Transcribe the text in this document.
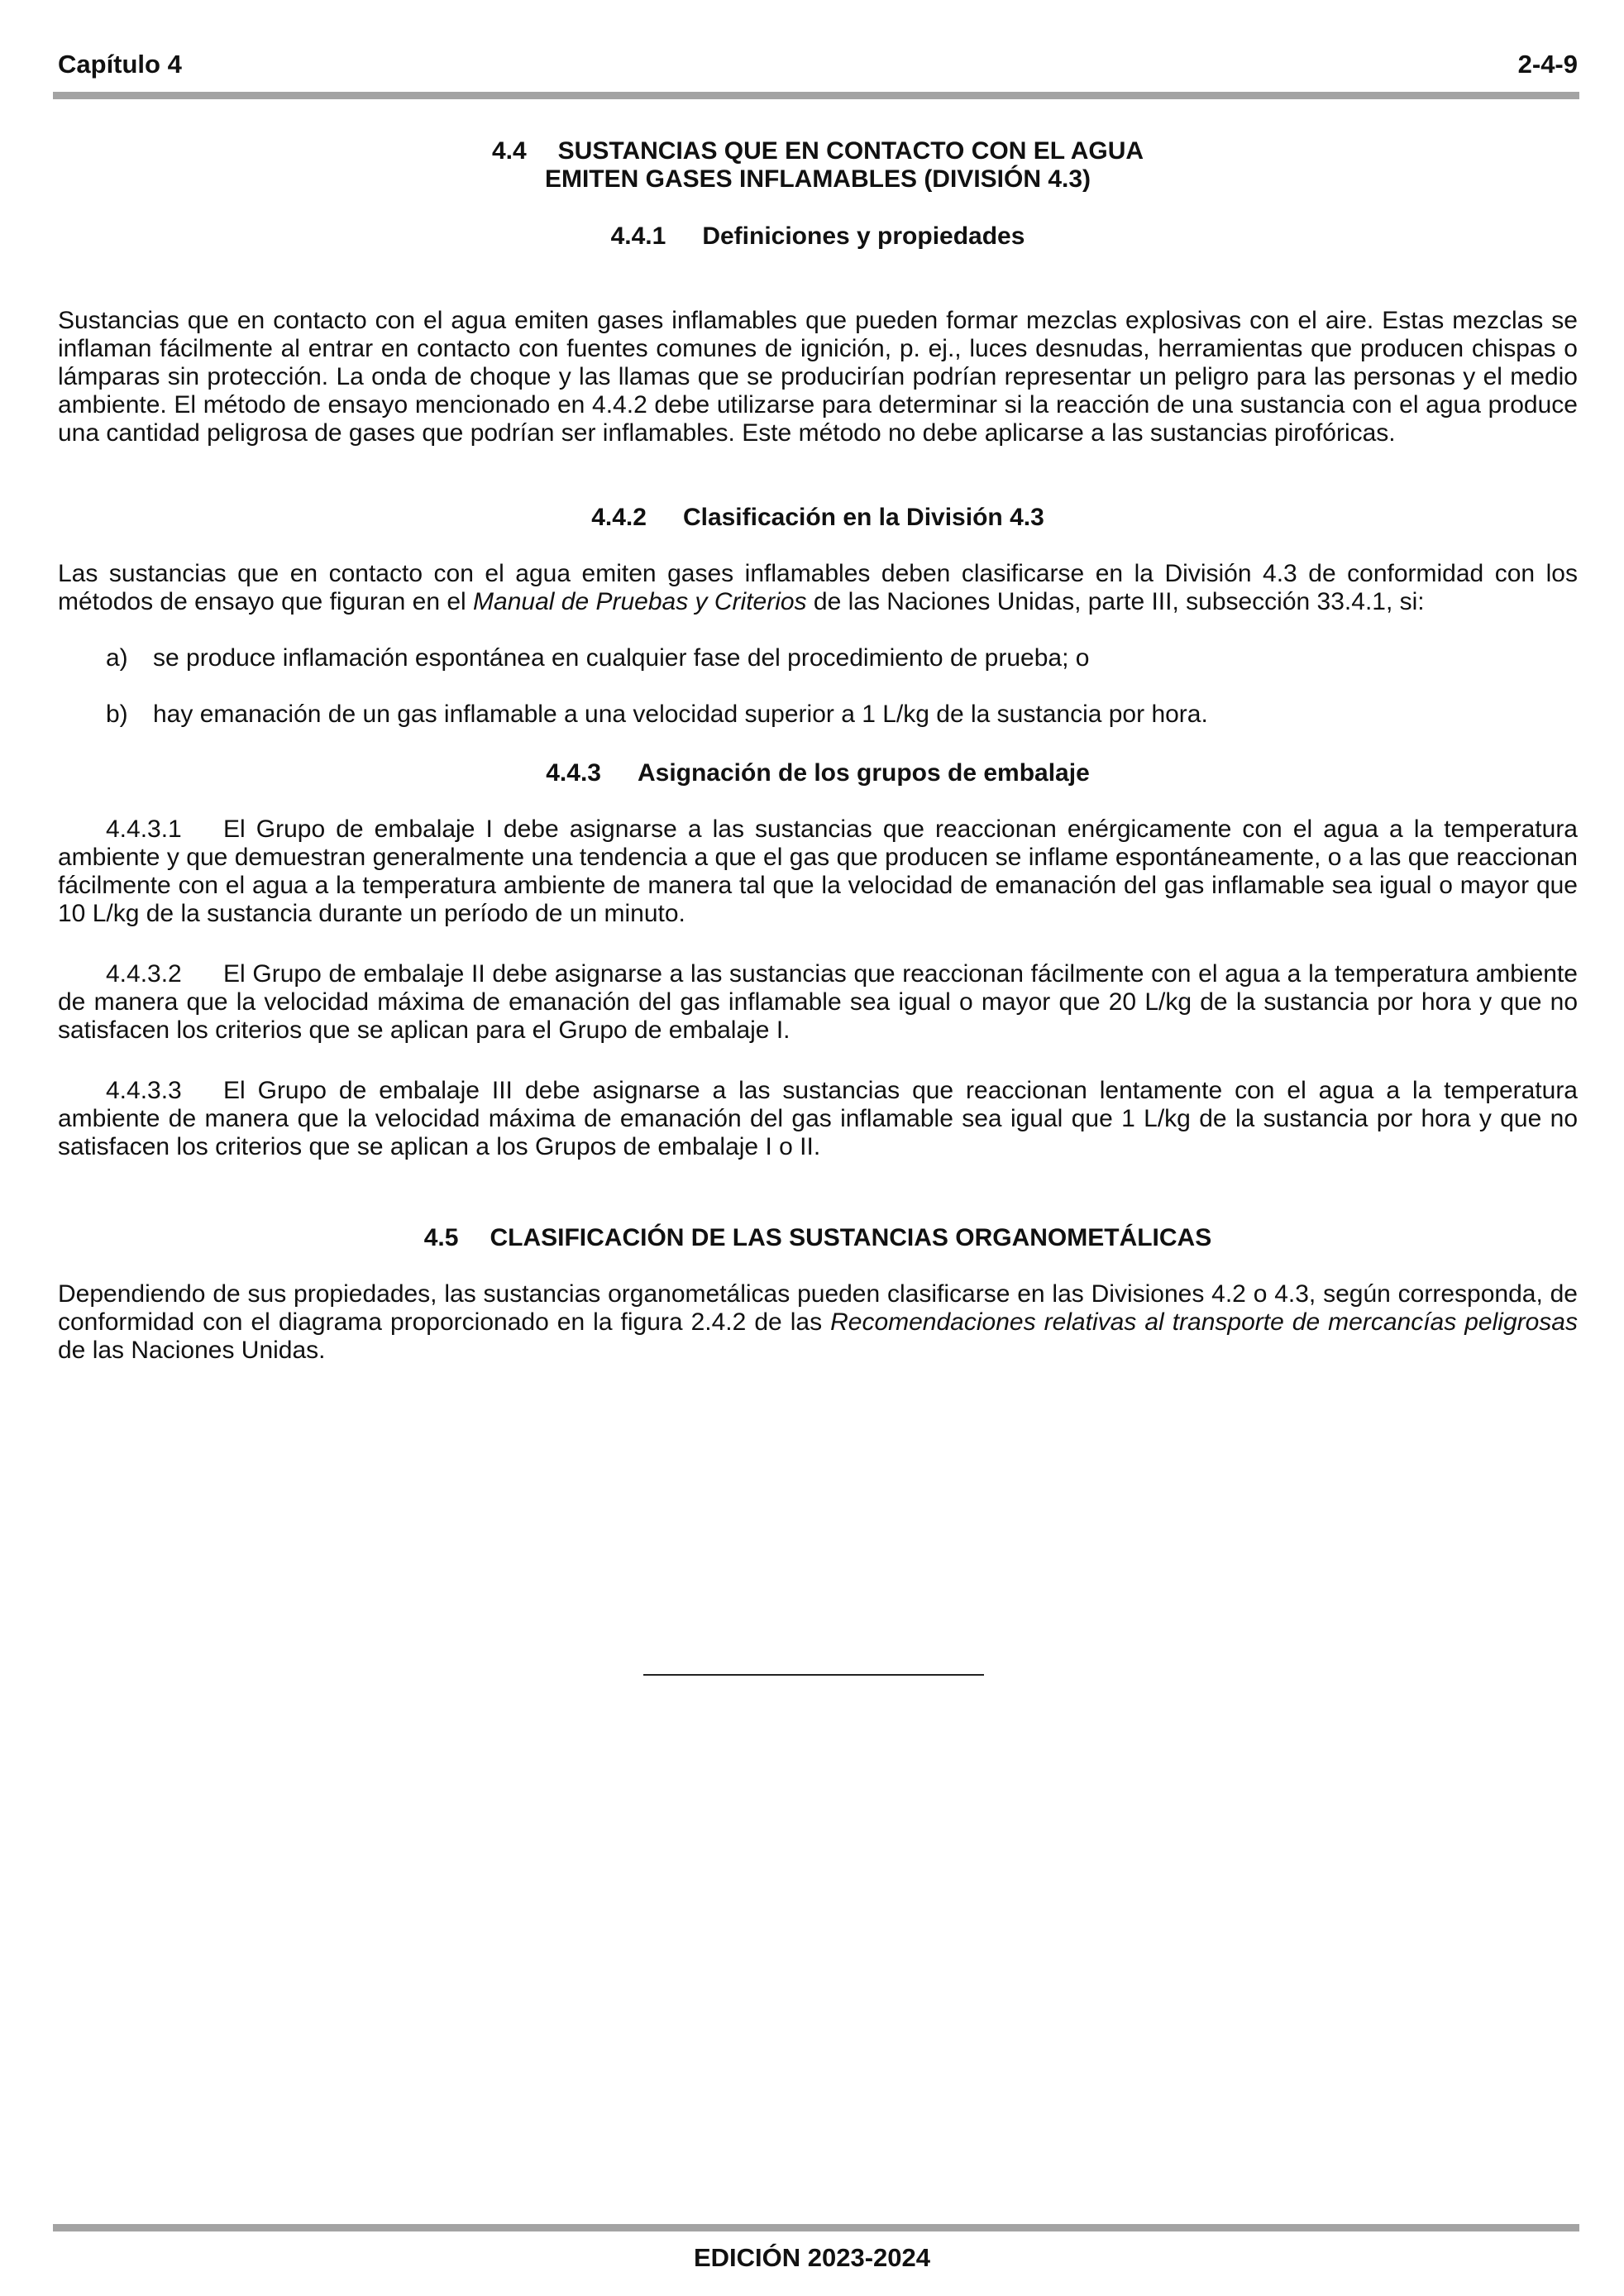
Capítulo 4	2-4-9
4.4 SUSTANCIAS QUE EN CONTACTO CON EL AGUA
EMITEN GASES INFLAMABLES (DIVISIÓN 4.3)
4.4.1 Definiciones y propiedades

Sustancias que en contacto con el agua emiten gases inflamables que pueden formar mezclas explosivas con el aire. Estas mezclas se inflaman fácilmente al entrar en contacto con fuentes comunes de ignición, p. ej., luces desnudas, herramientas que producen chispas o lámparas sin protección. La onda de choque y las llamas que se producirían podrían representar un peligro para las personas y el medio ambiente. El método de ensayo mencionado en 4.4.2 debe utilizarse para determinar si la reacción de una sustancia con el agua produce una cantidad peligrosa de gases que podrían ser inflamables. Este método no debe aplicarse a las sustancias pirofóricas.

4.4.2 Clasificación en la División 4.3

Las sustancias que en contacto con el agua emiten gases inflamables deben clasificarse en la División 4.3 de conformidad con los métodos de ensayo que figuran en el Manual de Pruebas y Criterios de las Naciones Unidas, parte III, subsección 33.4.1, si:

a) se produce inflamación espontánea en cualquier fase del procedimiento de prueba; o
b) hay emanación de un gas inflamable a una velocidad superior a 1 L/kg de la sustancia por hora.
4.4.3 Asignación de los grupos de embalaje

4.4.3.1 El Grupo de embalaje I debe asignarse a las sustancias que reaccionan enérgicamente con el agua a la temperatura ambiente y que demuestran generalmente una tendencia a que el gas que producen se inflame espontáneamente, o a las que reaccionan fácilmente con el agua a la temperatura ambiente de manera tal que la velocidad de emanación del gas inflamable sea igual o mayor que 10 L/kg de la sustancia durante un período de un minuto.

4.4.3.2 El Grupo de embalaje II debe asignarse a las sustancias que reaccionan fácilmente con el agua a la temperatura ambiente de manera que la velocidad máxima de emanación del gas inflamable sea igual o mayor que 20 L/kg de la sustancia por hora y que no satisfacen los criterios que se aplican para el Grupo de embalaje I.

4.4.3.3 El Grupo de embalaje III debe asignarse a las sustancias que reaccionan lentamente con el agua a la temperatura ambiente de manera que la velocidad máxima de emanación del gas inflamable sea igual que 1 L/kg de la sustancia por hora y que no satisfacen los criterios que se aplican a los Grupos de embalaje I o II.

4.5 CLASIFICACIÓN DE LAS SUSTANCIAS ORGANOMETÁLICAS

Dependiendo de sus propiedades, las sustancias organometálicas pueden clasificarse en las Divisiones 4.2 o 4.3, según corresponda, de conformidad con el diagrama proporcionado en la figura 2.4.2 de las Recomendaciones relativas al transporte de mercancías peligrosas de las Naciones Unidas.

EDICIÓN 2023-2024
